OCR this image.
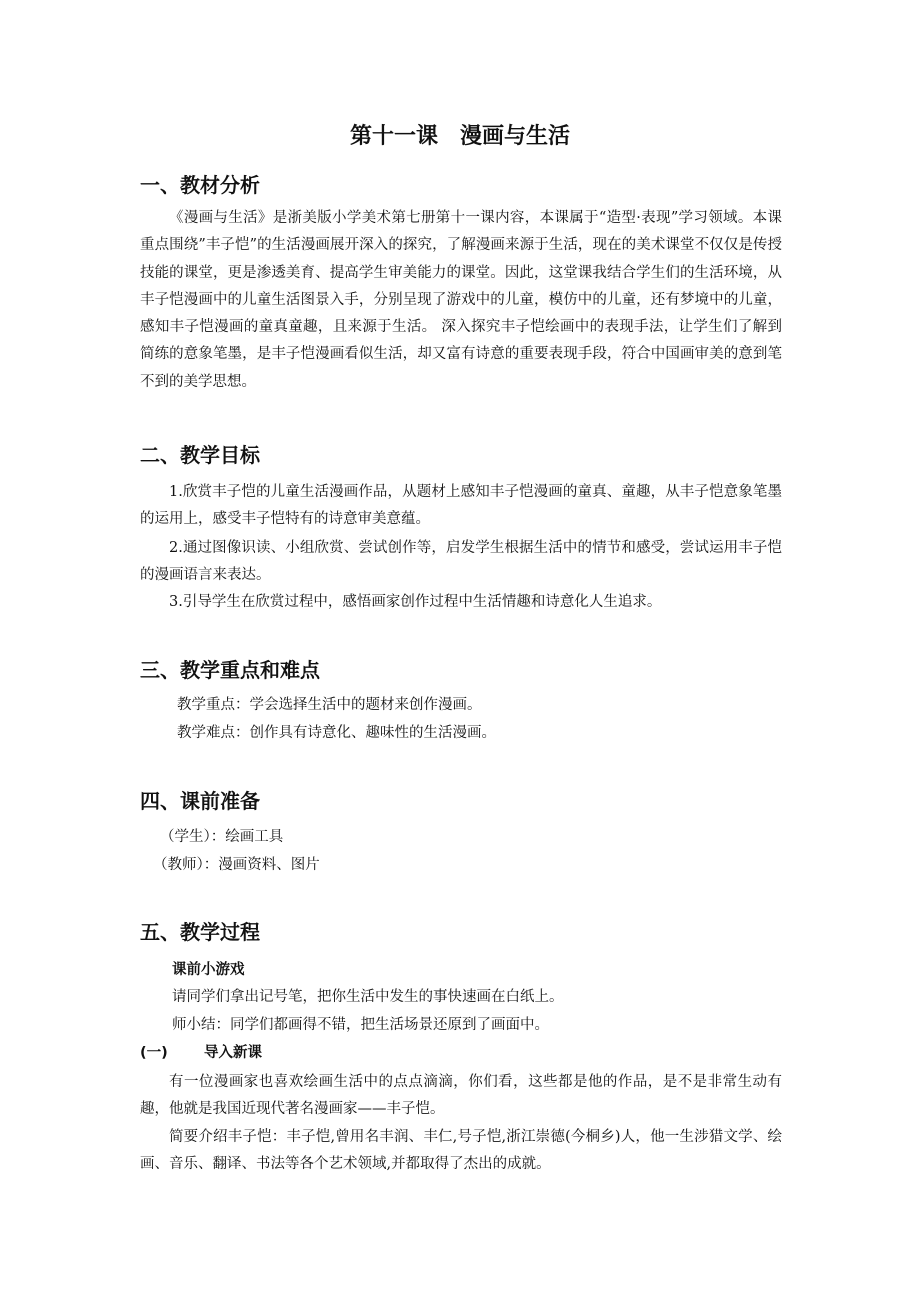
第十一课 漫画与生活
一、教材分析

《漫画与生活》是浙美版小学美术第七册第十一课内容，本课属于“造型·表现”学习领域。本课重点围绕”丰子恺”的生活漫画展开深入的探究，了解漫画来源于生活，现在的美术课堂不仅仅是传授技能的课堂，更是渗透美育、提高学生审美能力的课堂。因此，这堂课我结合学生们的生活环境，从丰子恺漫画中的儿童生活图景入手，分别呈现了游戏中的儿童，模仿中的儿童，还有梦境中的儿童，感知丰子恺漫画的童真童趣，且来源于生活。 深入探究丰子恺绘画中的表现手法，让学生们了解到简练的意象笔墨，是丰子恺漫画看似生活，却又富有诗意的重要表现手段，符合中国画审美的意到笔不到的美学思想。

二、教学目标

1.欣赏丰子恺的儿童生活漫画作品，从题材上感知丰子恺漫画的童真、童趣，从丰子恺意象笔墨的运用上，感受丰子恺特有的诗意审美意蕴。

2.通过图像识读、小组欣赏、尝试创作等，启发学生根据生活中的情节和感受，尝试运用丰子恺的漫画语言来表达。

3.引导学生在欣赏过程中，感悟画家创作过程中生活情趣和诗意化人生追求。

三、教学重点和难点
教学重点：学会选择生活中的题材来创作漫画。
教学难点：创作具有诗意化、趣味性的生活漫画。
四、课前准备
（学生）：绘画工具
（教师）：漫画资料、图片
五、教学过程
课前小游戏
请同学们拿出记号笔，把你生活中发生的事快速画在白纸上。
师小结：同学们都画得不错，把生活场景还原到了画面中。
(一) 导入新课

有一位漫画家也喜欢绘画生活中的点点滴滴，你们看，这些都是他的作品，是不是非常生动有趣，他就是我国近现代著名漫画家——丰子恺。

简要介绍丰子恺：丰子恺,曾用名丰润、丰仁,号子恺,浙江崇德(今桐乡)人，他一生涉猎文学、绘画、音乐、翻译、书法等各个艺术领域,并都取得了杰出的成就。
